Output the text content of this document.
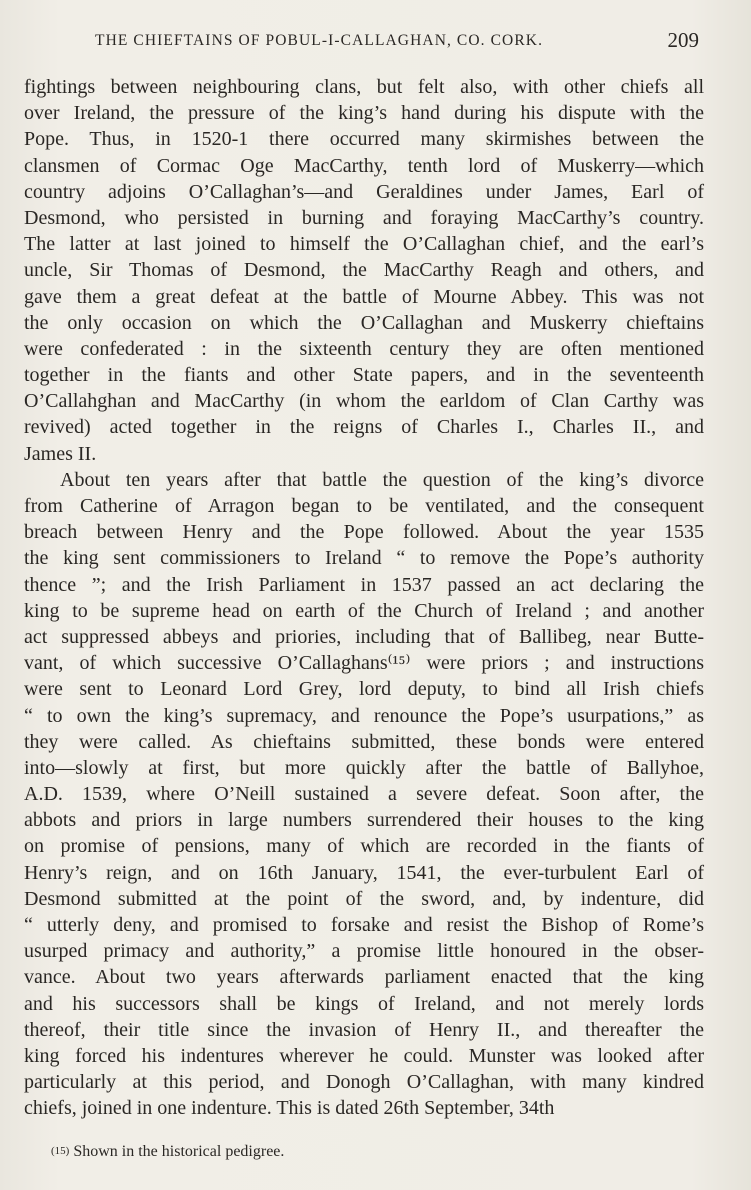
THE CHIEFTAINS OF POBUL-I-CALLAGHAN, CO. CORK.	209
fightings between neighbouring clans, but felt also, with other chiefs all
over Ireland, the pressure of the king’s hand during his dispute with the
Pope. Thus, in 1520-1 there occurred many skirmishes between the
clansmen of Cormac Oge MacCarthy, tenth lord of Muskerry—which
country adjoins O’Callaghan’s—and Geraldines under James, Earl of
Desmond, who persisted in burning and foraying MacCarthy’s country.
The latter at last joined to himself the O’Callaghan chief, and the earl’s
uncle, Sir Thomas of Desmond, the MacCarthy Reagh and others, and
gave them a great defeat at the battle of Mourne Abbey. This was not
the only occasion on which the O’Callaghan and Muskerry chieftains
were confederated : in the sixteenth century they are often mentioned
together in the fiants and other State papers, and in the seventeenth
O’Callahghan and MacCarthy (in whom the earldom of Clan Carthy was
revived) acted together in the reigns of Charles I., Charles II., and
James II.
About ten years after that battle the question of the king’s divorce
from Catherine of Arragon began to be ventilated, and the consequent
breach between Henry and the Pope followed. About the year 1535
the king sent commissioners to Ireland “ to remove the Pope’s authority
thence ”; and the Irish Parliament in 1537 passed an act declaring the
king to be supreme head on earth of the Church of Ireland ; and another
act suppressed abbeys and priories, including that of Ballibeg, near Butte-
vant, of which successive O’Callaghans⁽¹⁵⁾ were priors ; and instructions
were sent to Leonard Lord Grey, lord deputy, to bind all Irish chiefs
“ to own the king’s supremacy, and renounce the Pope’s usurpations,” as
they were called. As chieftains submitted, these bonds were entered
into—slowly at first, but more quickly after the battle of Ballyhoe,
A.D. 1539, where O’Neill sustained a severe defeat. Soon after, the
abbots and priors in large numbers surrendered their houses to the king
on promise of pensions, many of which are recorded in the fiants of
Henry’s reign, and on 16th January, 1541, the ever-turbulent Earl of
Desmond submitted at the point of the sword, and, by indenture, did
“ utterly deny, and promised to forsake and resist the Bishop of Rome’s
usurped primacy and authority,” a promise little honoured in the obser-
vance. About two years afterwards parliament enacted that the king
and his successors shall be kings of Ireland, and not merely lords
thereof, their title since the invasion of Henry II., and thereafter the
king forced his indentures wherever he could. Munster was looked after
particularly at this period, and Donogh O’Callaghan, with many kindred
chiefs, joined in one indenture. This is dated 26th September, 34th
(15) Shown in the historical pedigree.
